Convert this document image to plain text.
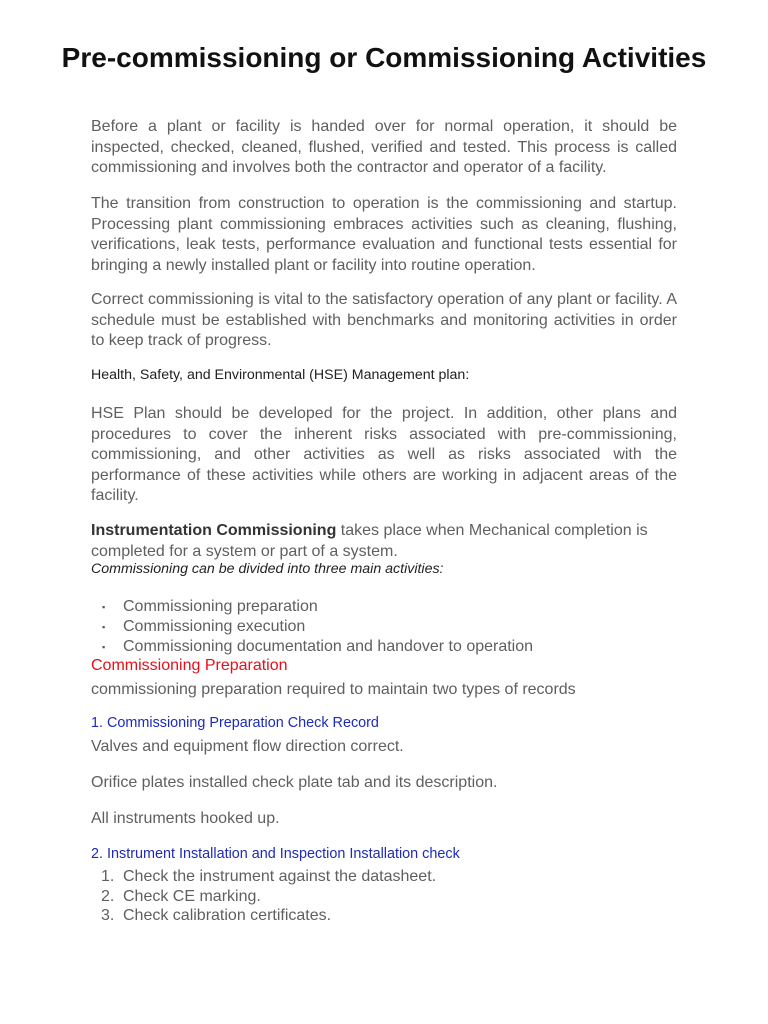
Pre-commissioning or Commissioning Activities

Before a plant or facility is handed over for normal operation, it should be inspected, checked, cleaned, flushed, verified and tested. This process is called commissioning and involves both the contractor and operator of a facility.

The transition from construction to operation is the commissioning and startup. Processing plant commissioning embraces activities such as cleaning, flushing, verifications, leak tests, performance evaluation and functional tests essential for bringing a newly installed plant or facility into routine operation.

Correct commissioning is vital to the satisfactory operation of any plant or facility. A schedule must be established with benchmarks and monitoring activities in order to keep track of progress.

Health, Safety, and Environmental (HSE) Management plan:

HSE Plan should be developed for the project. In addition, other plans and procedures to cover the inherent risks associated with pre-commissioning, commissioning, and other activities as well as risks associated with the performance of these activities while others are working in adjacent areas of the facility.

Instrumentation Commissioning takes place when Mechanical completion is completed for a system or part of a system.

Commissioning can be divided into three main activities:

▪ Commissioning preparation
▪ Commissioning execution
▪ Commissioning documentation and handover to operation

Commissioning Preparation

commissioning preparation required to maintain two types of records

1. Commissioning Preparation Check Record

Valves and equipment flow direction correct.

Orifice plates installed check plate tab and its description.

All instruments hooked up.

2. Instrument Installation and Inspection Installation check

1. Check the instrument against the datasheet.
2. Check CE marking.
3. Check calibration certificates.
